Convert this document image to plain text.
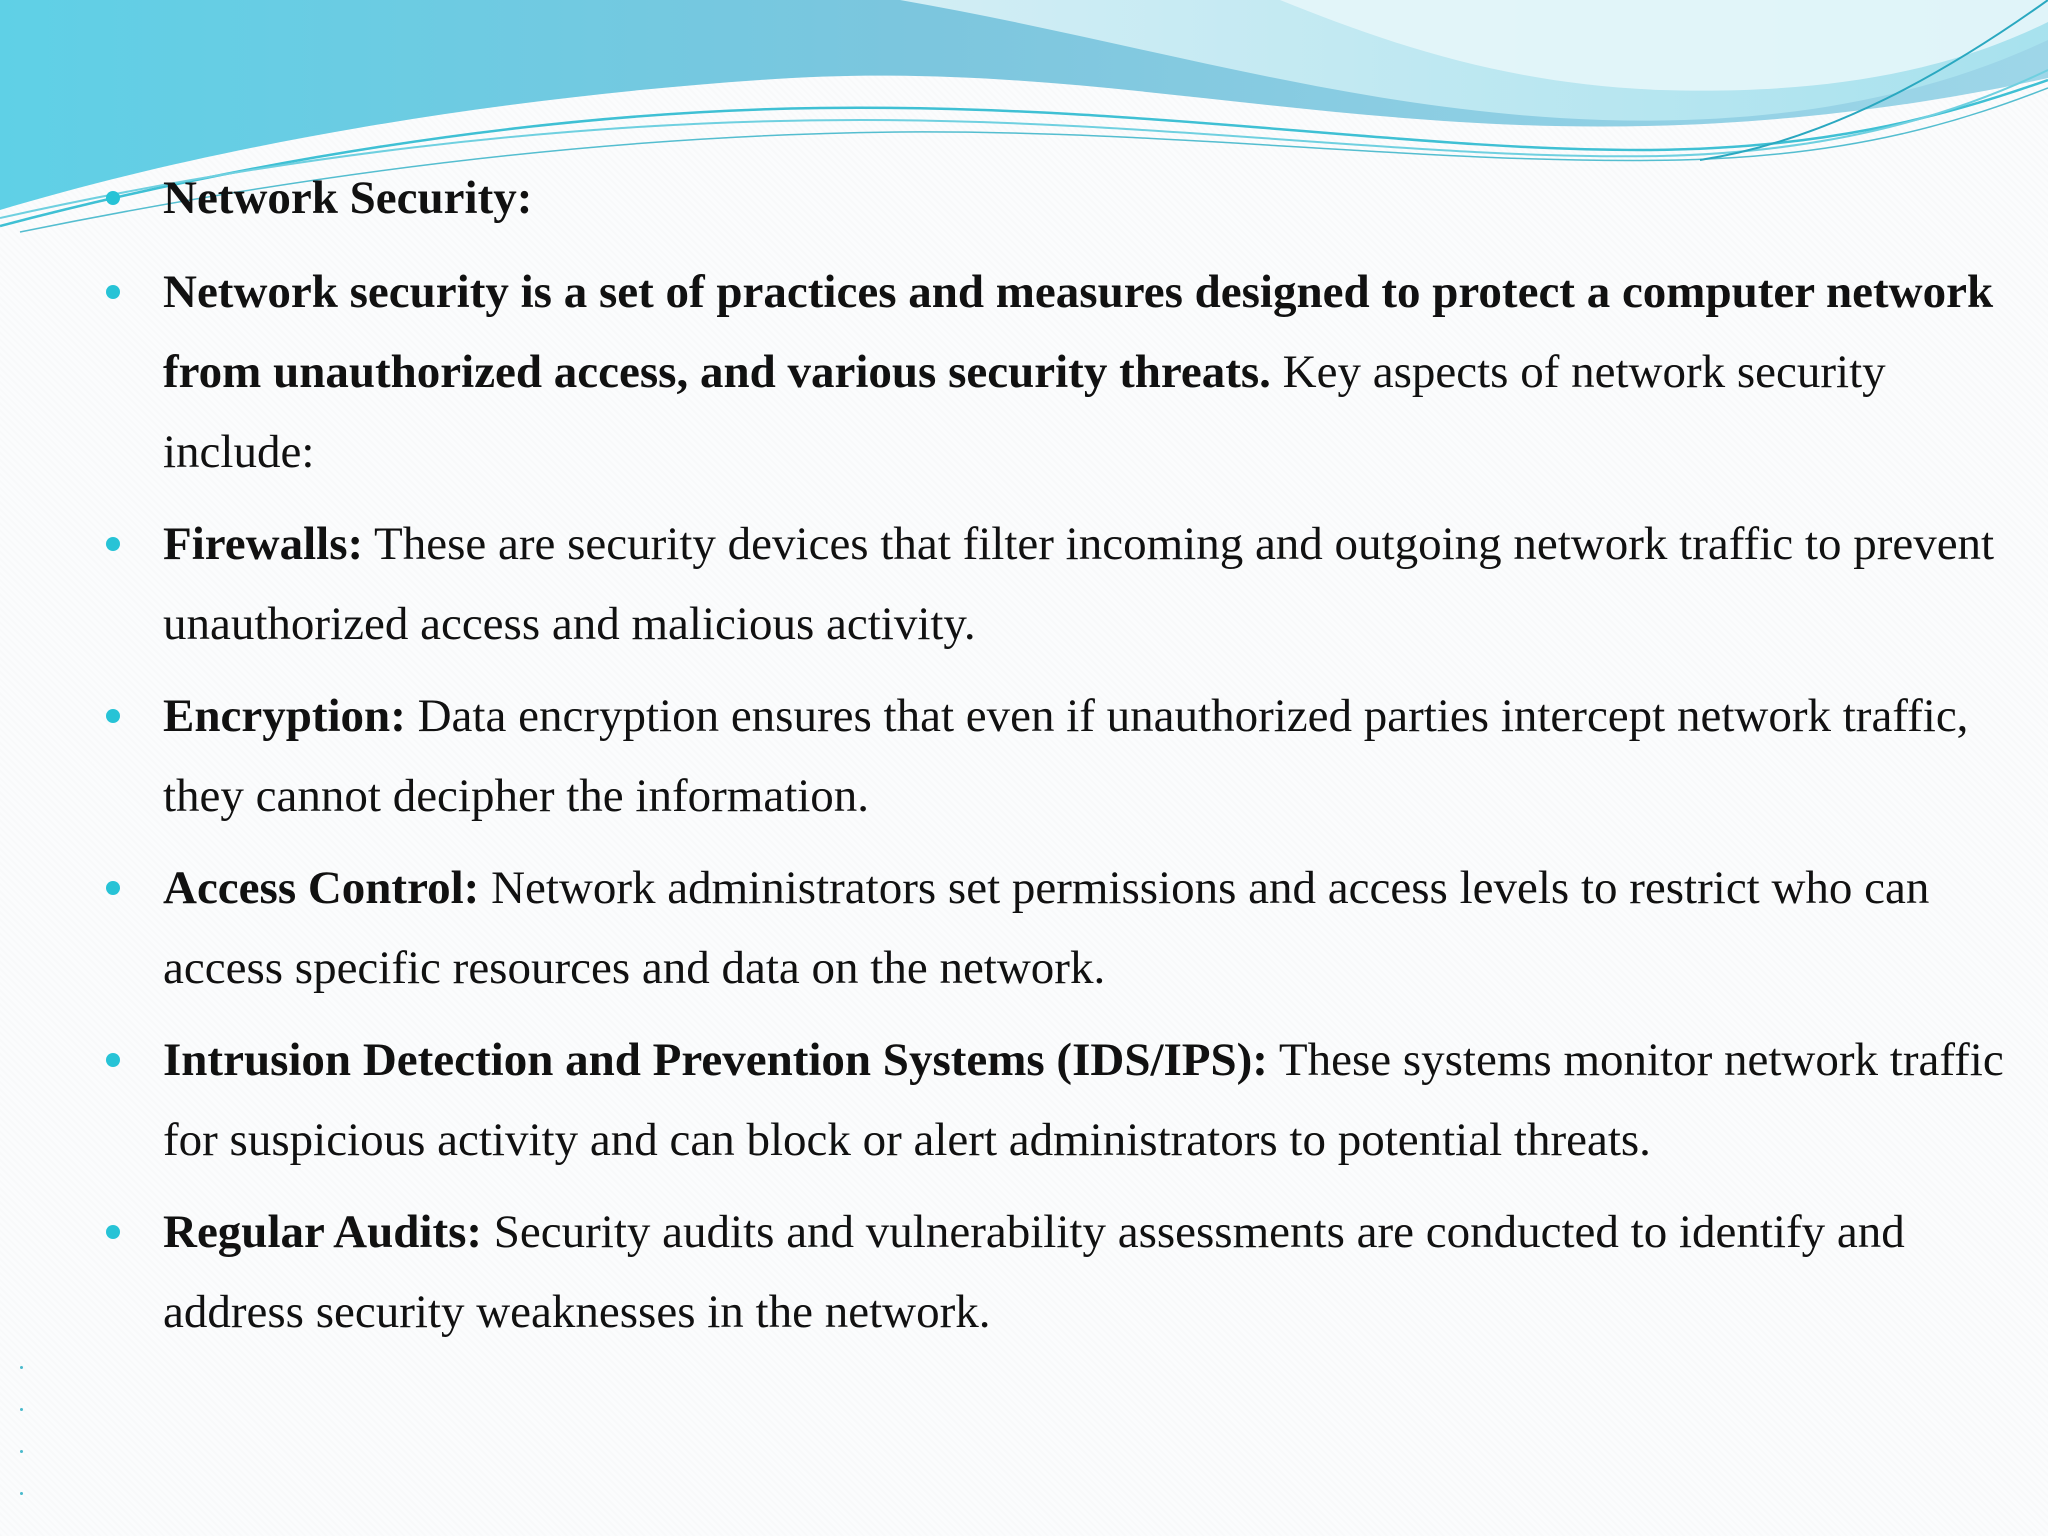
Network Security:
Network security is a set of practices and measures designed to protect a computer network from unauthorized access, and various security threats. Key aspects of network security include:
Firewalls: These are security devices that filter incoming and outgoing network traffic to prevent unauthorized access and malicious activity.
Encryption: Data encryption ensures that even if unauthorized parties intercept network traffic, they cannot decipher the information.
Access Control: Network administrators set permissions and access levels to restrict who can access specific resources and data on the network.
Intrusion Detection and Prevention Systems (IDS/IPS): These systems monitor network traffic for suspicious activity and can block or alert administrators to potential threats.
Regular Audits: Security audits and vulnerability assessments are conducted to identify and address security weaknesses in the network.
